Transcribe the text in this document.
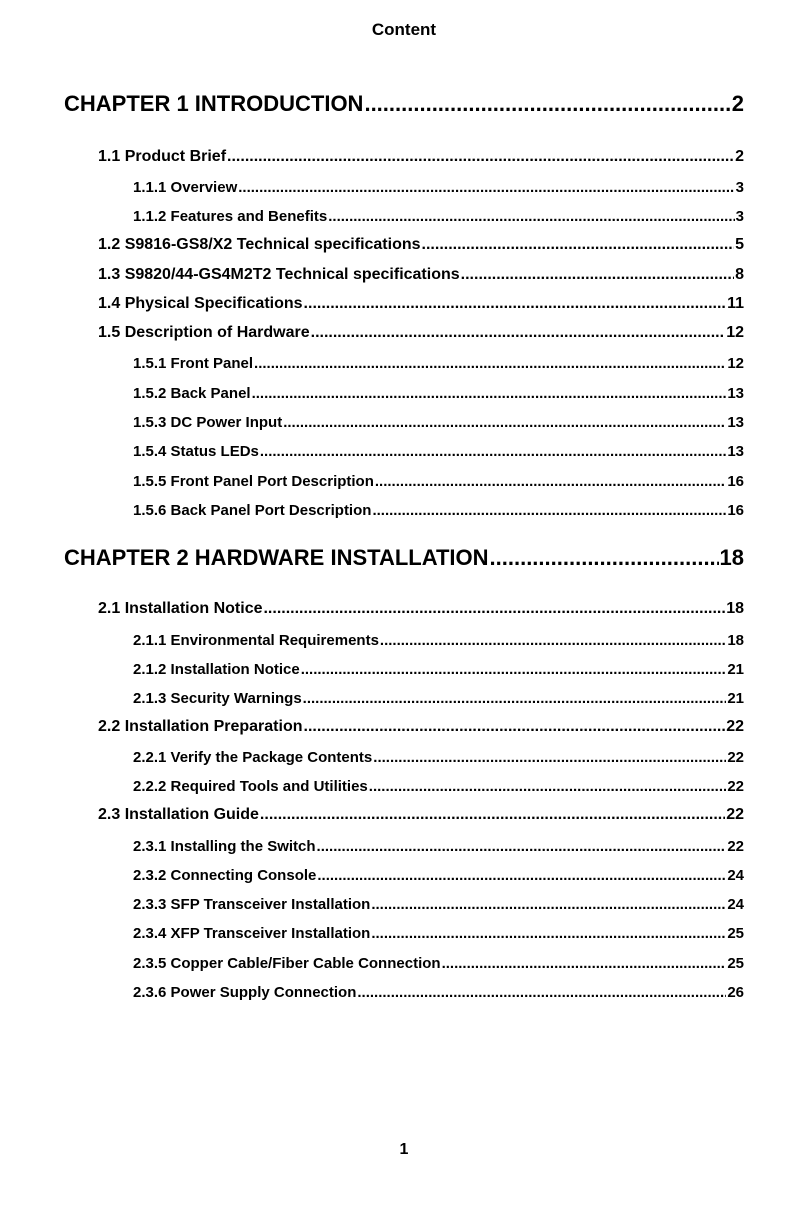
Content
CHAPTER 1 INTRODUCTION .....	2
1.1 Product Brief .....	2
1.1.1 Overview .....	3
1.1.2 Features and Benefits .....	3
1.2 S9816-GS8/X2 Technical specifications .....	5
1.3 S9820/44-GS4M2T2 Technical specifications .....	8
1.4 Physical Specifications .....	11
1.5 Description of Hardware .....	12
1.5.1 Front Panel .....	12
1.5.2 Back Panel .....	13
1.5.3 DC Power Input .....	13
1.5.4 Status LEDs .....	13
1.5.5 Front Panel Port Description .....	16
1.5.6 Back Panel Port Description .....	16
CHAPTER 2 HARDWARE INSTALLATION .....	18
2.1 Installation Notice .....	18
2.1.1 Environmental Requirements .....	18
2.1.2 Installation Notice .....	21
2.1.3 Security Warnings .....	21
2.2 Installation Preparation .....	22
2.2.1 Verify the Package Contents .....	22
2.2.2 Required Tools and Utilities .....	22
2.3 Installation Guide .....	22
2.3.1 Installing the Switch .....	22
2.3.2 Connecting Console .....	24
2.3.3 SFP Transceiver Installation .....	24
2.3.4 XFP Transceiver Installation .....	25
2.3.5 Copper Cable/Fiber Cable Connection .....	25
2.3.6 Power Supply Connection .....	26
1
